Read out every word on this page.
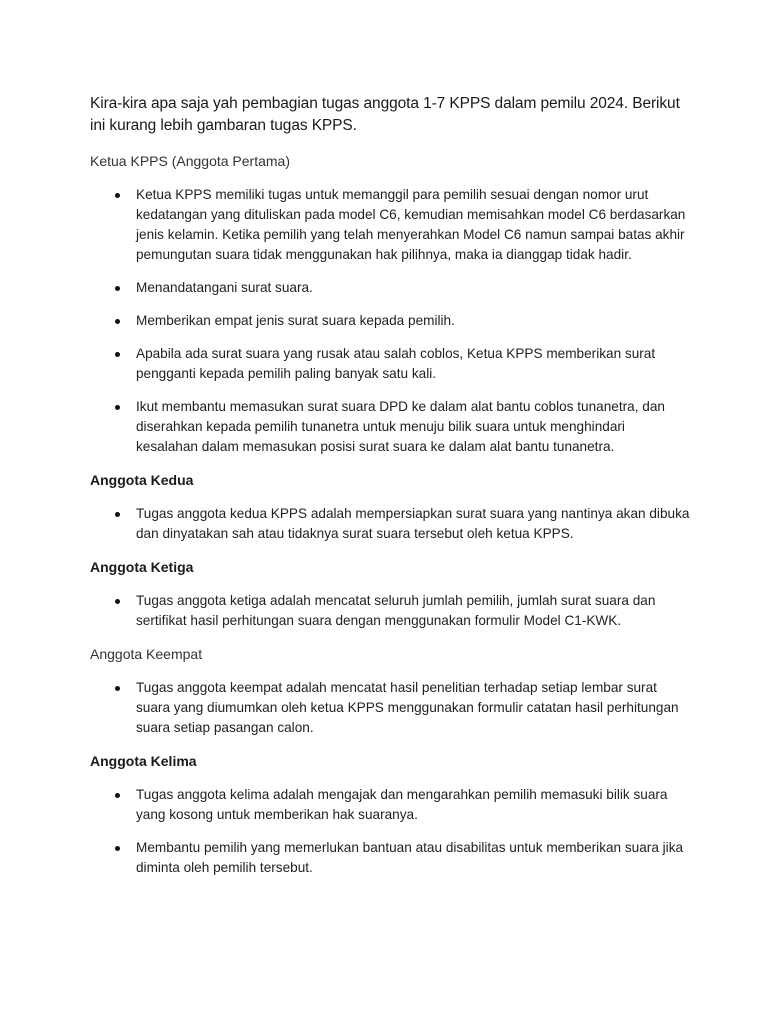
Kira-kira apa saja yah pembagian tugas anggota 1-7 KPPS dalam pemilu 2024. Berikut ini kurang lebih gambaran tugas KPPS.

Ketua KPPS (Anggota Pertama)

Ketua KPPS memiliki tugas untuk memanggil para pemilih sesuai dengan nomor urut kedatangan yang dituliskan pada model C6, kemudian memisahkan model C6 berdasarkan jenis kelamin. Ketika pemilih yang telah menyerahkan Model C6 namun sampai batas akhir pemungutan suara tidak menggunakan hak pilihnya, maka ia dianggap tidak hadir.
Menandatangani surat suara.
Memberikan empat jenis surat suara kepada pemilih.
Apabila ada surat suara yang rusak atau salah coblos, Ketua KPPS memberikan surat pengganti kepada pemilih paling banyak satu kali.
Ikut membantu memasukan surat suara DPD ke dalam alat bantu coblos tunanetra, dan diserahkan kepada pemilih tunanetra untuk menuju bilik suara untuk menghindari kesalahan dalam memasukan posisi surat suara ke dalam alat bantu tunanetra.

Anggota Kedua

Tugas anggota kedua KPPS adalah mempersiapkan surat suara yang nantinya akan dibuka dan dinyatakan sah atau tidaknya surat suara tersebut oleh ketua KPPS.

Anggota Ketiga

Tugas anggota ketiga adalah mencatat seluruh jumlah pemilih, jumlah surat suara dan sertifikat hasil perhitungan suara dengan menggunakan formulir Model C1-KWK.

Anggota Keempat

Tugas anggota keempat adalah mencatat hasil penelitian terhadap setiap lembar surat suara yang diumumkan oleh ketua KPPS menggunakan formulir catatan hasil perhitungan suara setiap pasangan calon.

Anggota Kelima

Tugas anggota kelima adalah mengajak dan mengarahkan pemilih memasuki bilik suara yang kosong untuk memberikan hak suaranya.
Membantu pemilih yang memerlukan bantuan atau disabilitas untuk memberikan suara jika diminta oleh pemilih tersebut.
